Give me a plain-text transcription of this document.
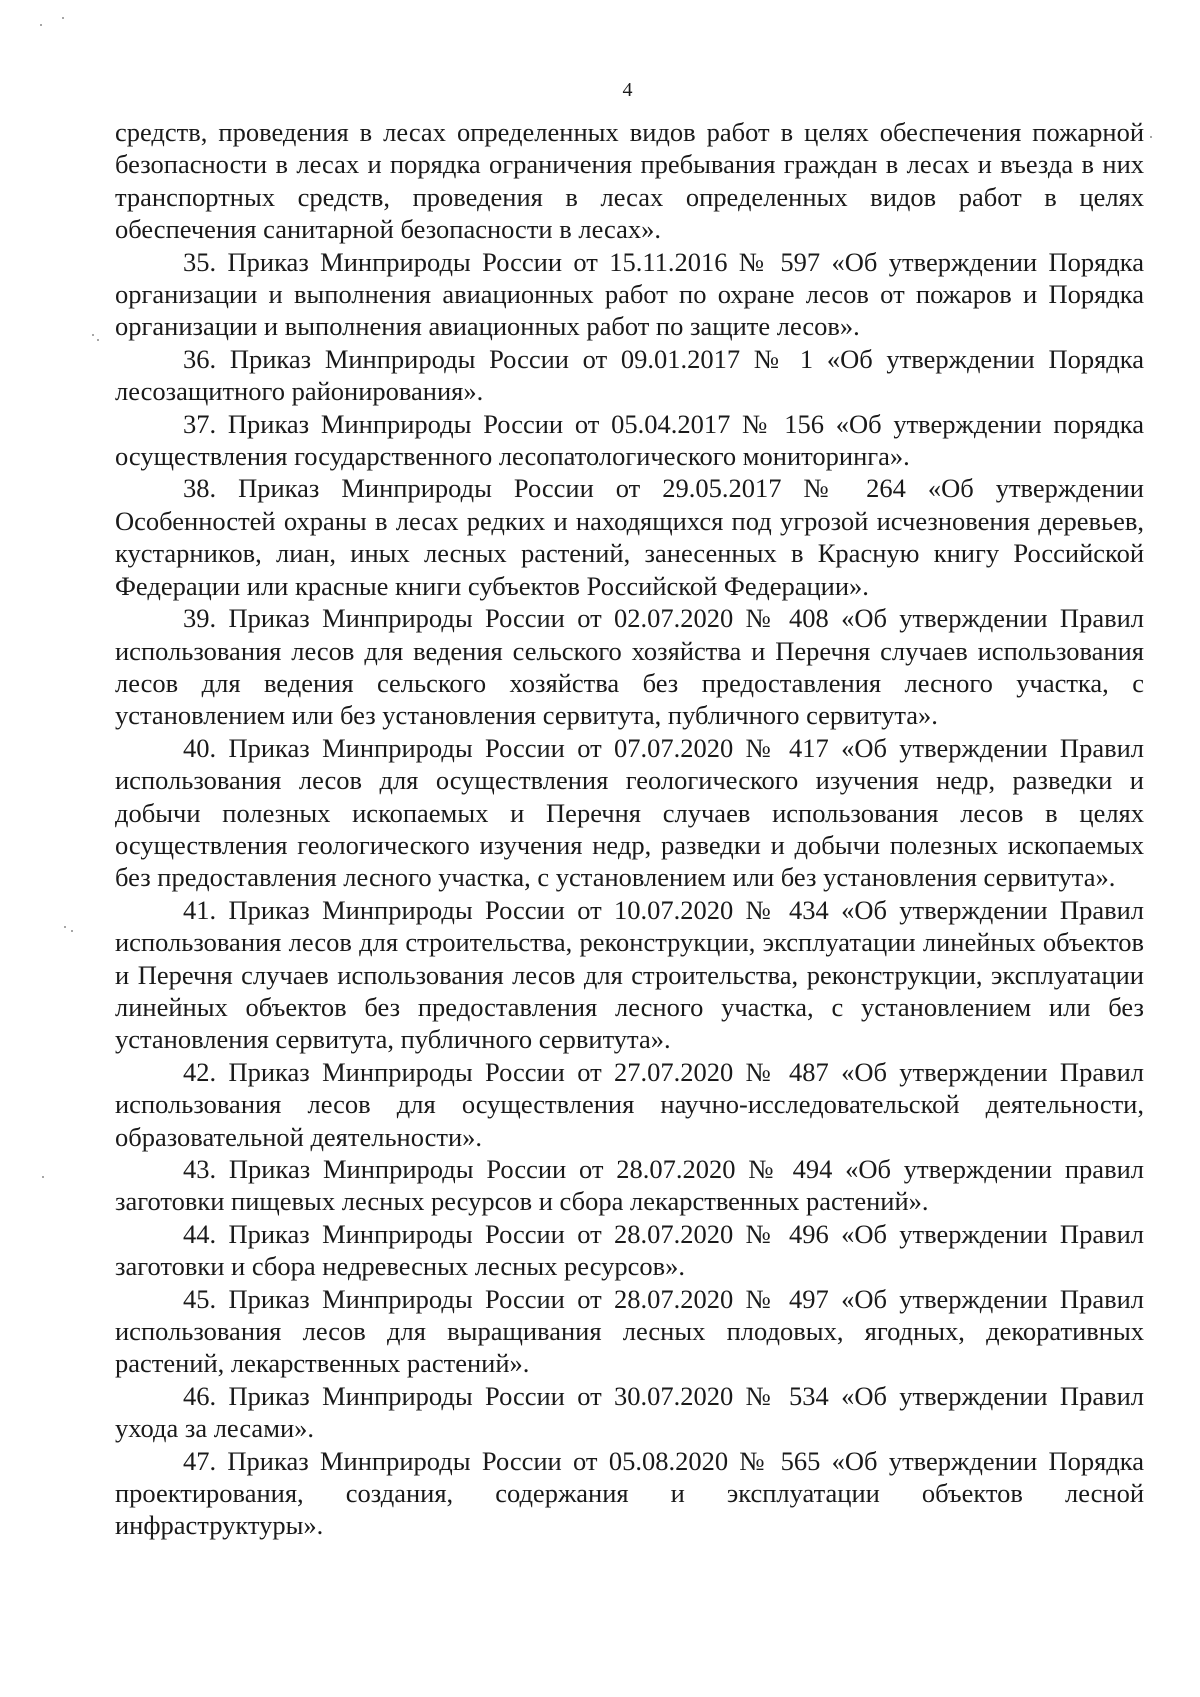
4

средств, проведения в лесах определенных видов работ в целях обеспечения пожарной безопасности в лесах и порядка ограничения пребывания граждан в лесах и въезда в них транспортных средств, проведения в лесах определенных видов работ в целях обеспечения санитарной безопасности в лесах».

35. Приказ Минприроды России от 15.11.2016 № 597 «Об утверждении Порядка организации и выполнения авиационных работ по охране лесов от пожаров и Порядка организации и выполнения авиационных работ по защите лесов».

36. Приказ Минприроды России от 09.01.2017 № 1 «Об утверждении Порядка лесозащитного районирования».

37. Приказ Минприроды России от 05.04.2017 № 156 «Об утверждении порядка осуществления государственного лесопатологического мониторинга».

38. Приказ Минприроды России от 29.05.2017 № 264 «Об утверждении Особенностей охраны в лесах редких и находящихся под угрозой исчезновения деревьев, кустарников, лиан, иных лесных растений, занесенных в Красную книгу Российской Федерации или красные книги субъектов Российской Федерации».

39. Приказ Минприроды России от 02.07.2020 № 408 «Об утверждении Правил использования лесов для ведения сельского хозяйства и Перечня случаев использования лесов для ведения сельского хозяйства без предоставления лесного участка, с установлением или без установления сервитута, публичного сервитута».

40. Приказ Минприроды России от 07.07.2020 № 417 «Об утверждении Правил использования лесов для осуществления геологического изучения недр, разведки и добычи полезных ископаемых и Перечня случаев использования лесов в целях осуществления геологического изучения недр, разведки и добычи полезных ископаемых без предоставления лесного участка, с установлением или без установления сервитута».

41. Приказ Минприроды России от 10.07.2020 № 434 «Об утверждении Правил использования лесов для строительства, реконструкции, эксплуатации линейных объектов и Перечня случаев использования лесов для строительства, реконструкции, эксплуатации линейных объектов без предоставления лесного участка, с установлением или без установления сервитута, публичного сервитута».

42. Приказ Минприроды России от 27.07.2020 № 487 «Об утверждении Правил использования лесов для осуществления научно-исследовательской деятельности, образовательной деятельности».

43. Приказ Минприроды России от 28.07.2020 № 494 «Об утверждении правил заготовки пищевых лесных ресурсов и сбора лекарственных растений».

44. Приказ Минприроды России от 28.07.2020 № 496 «Об утверждении Правил заготовки и сбора недревесных лесных ресурсов».

45. Приказ Минприроды России от 28.07.2020 № 497 «Об утверждении Правил использования лесов для выращивания лесных плодовых, ягодных, декоративных растений, лекарственных растений».

46. Приказ Минприроды России от 30.07.2020 № 534 «Об утверждении Правил ухода за лесами».

47. Приказ Минприроды России от 05.08.2020 № 565 «Об утверждении Порядка проектирования, создания, содержания и эксплуатации объектов лесной инфраструктуры».
